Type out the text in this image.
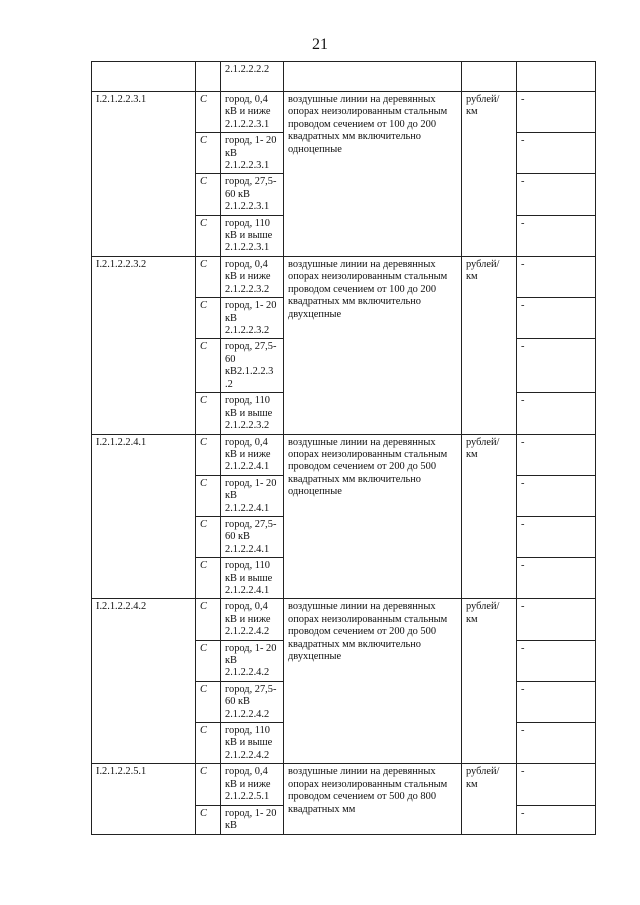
21
		2.1.2.2.2.2			
I.2.1.2.2.3.1	С	город, 0,4 кВ и ниже 2.1.2.2.3.1	воздушные линии на деревянных опорах неизолированным стальным проводом сечением от 100 до 200 квадратных мм включительно одноцепные	рублей/ км	-
	С	город, 1- 20 кВ 2.1.2.2.3.1			-
	С	город, 27,5-60 кВ 2.1.2.2.3.1			-
	С	город, 110 кВ и выше 2.1.2.2.3.1			-
I.2.1.2.2.3.2	С	город, 0,4 кВ и ниже 2.1.2.2.3.2	воздушные линии на деревянных опорах неизолированным стальным проводом сечением от 100 до 200 квадратных мм включительно двухцепные	рублей/ км	-
	С	город, 1- 20 кВ 2.1.2.2.3.2			-
	С	город, 27,5-60 кВ2.1.2.2.3 .2			-
	С	город, 110 кВ и выше 2.1.2.2.3.2			-
I.2.1.2.2.4.1	С	город, 0,4 кВ и ниже 2.1.2.2.4.1	воздушные линии на деревянных опорах неизолированным стальным проводом сечением от 200 до 500 квадратных мм включительно одноцепные	рублей/ км	-
	С	город, 1- 20 кВ 2.1.2.2.4.1			-
	С	город, 27,5-60 кВ 2.1.2.2.4.1			-
	С	город, 110 кВ и выше 2.1.2.2.4.1			-
I.2.1.2.2.4.2	С	город, 0,4 кВ и ниже 2.1.2.2.4.2	воздушные линии на деревянных опорах неизолированным стальным проводом сечением от 200 до 500 квадратных мм включительно двухцепные	рублей/ км	-
	С	город, 1- 20 кВ 2.1.2.2.4.2			-
	С	город, 27,5-60 кВ 2.1.2.2.4.2			-
	С	город, 110 кВ и выше 2.1.2.2.4.2			-
I.2.1.2.2.5.1	С	город, 0,4 кВ и ниже 2.1.2.2.5.1	воздушные линии на деревянных опорах неизолированным стальным проводом сечением от 500 до 800 квадратных мм	рублей/ км	-
	С	город, 1- 20 кВ			-
